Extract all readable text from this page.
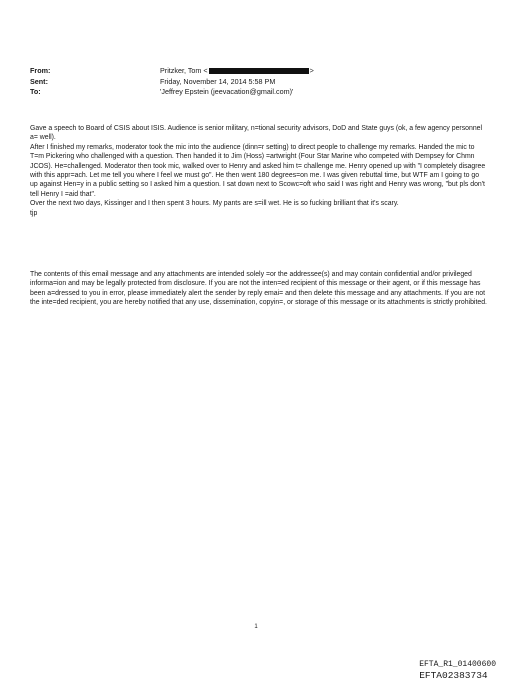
From:	Pritzker, Tom <	>
Sent:	Friday, November 14, 2014 5:58 PM
To:	'Jeffrey Epstein (jeevacation@gmail.com)'

Gave a speech to Board of CSIS about ISIS. Audience is senior military, n=tional security advisors, DoD and State guys (ok, a few agency personnel a= well).

After I finished my remarks, moderator took the mic into the audience (dinn=r setting) to direct people to challenge my remarks. Handed the mic to T=m Pickering who challenged with a question. Then handed it to Jim (Hoss) =artwright (Four Star Marine who competed with Dempsey for Chmn JCOS). He=challenged. Moderator then took mic, walked over to Henry and asked him t= challenge me. Henry opened up with "I completely disagree with this appr=ach. Let me tell you where I feel we must go". He then went 180 degrees=on me. I was given rebuttal time, but WTF am I going to go up against Hen=y in a public setting so I asked him a question. I sat down next to Scowc=oft who said I was right and Henry was wrong, "but pls don't tell Henry I =aid that".

Over the next two days, Kissinger and I then spent 3 hours. My pants are s=ill wet. He is so fucking brilliant that it's scary.

tjp

The contents of this email message and any attachments are intended solely =or the addressee(s) and may contain confidential and/or privileged informa=ion and may be legally protected from disclosure. If you are not the inten=ed recipient of this message or their agent, or if this message has been a=dressed to you in error, please immediately alert the sender by reply emai= and then delete this message and any attachments. If you are not the inte=ded recipient, you are hereby notified that any use, dissemination, copyin=, or storage of this message or its attachments is strictly prohibited.

1
EFTA_R1_01400600
EFTA02383734
